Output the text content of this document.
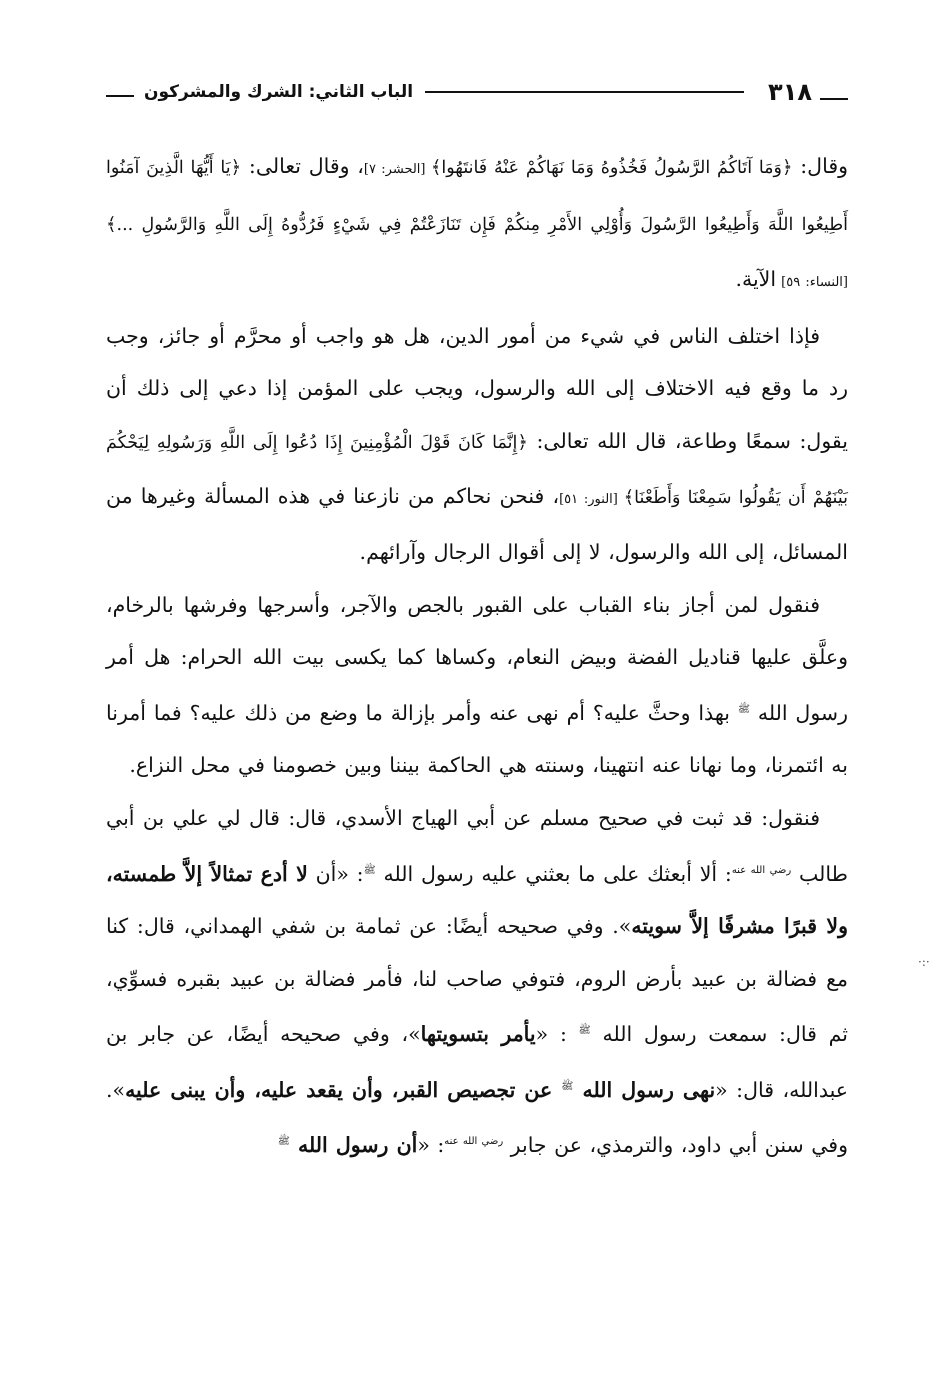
٣١٨
الباب الثاني: الشرك والمشركون

وقال: ﴿وَمَا آتَاكُمُ الرَّسُولُ فَخُذُوهُ وَمَا نَهَاكُمْ عَنْهُ فَانتَهُوا﴾ [الحشر: ٧]، وقال تعالى: ﴿يَا أَيُّهَا الَّذِينَ آمَنُوا أَطِيعُوا اللَّهَ وَأَطِيعُوا الرَّسُولَ وَأُوْلِي الأَمْرِ مِنكُمْ فَإِن تَنَازَعْتُمْ فِي شَيْءٍ فَرُدُّوهُ إِلَى اللَّهِ وَالرَّسُولِ ...﴾ [النساء: ٥٩] الآية.

فإذا اختلف الناس في شيء من أمور الدين، هل هو واجب أو محرَّم أو جائز، وجب رد ما وقع فيه الاختلاف إلى الله والرسول، ويجب على المؤمن إذا دعي إلى ذلك أن يقول: سمعًا وطاعة، قال الله تعالى: ﴿إِنَّمَا كَانَ قَوْلَ الْمُؤْمِنِينَ إِذَا دُعُوا إِلَى اللَّهِ وَرَسُولِهِ لِيَحْكُمَ بَيْنَهُمْ أَن يَقُولُوا سَمِعْنَا وَأَطَعْنَا﴾ [النور: ٥١]، فنحن نحاكم من نازعنا في هذه المسألة وغيرها من المسائل، إلى الله والرسول، لا إلى أقوال الرجال وآرائهم.

فنقول لمن أجاز بناء القباب على القبور بالجص والآجر، وأسرجها وفرشها بالرخام، وعلَّق عليها قناديل الفضة وبيض النعام، وكساها كما يكسى بيت الله الحرام: هل أمر رسول الله $^ﷺ$ بهذا وحثَّ عليه؟ أم نهى عنه وأمر بإزالة ما وضع من ذلك عليه؟ فما أمرنا به ائتمرنا، وما نهانا عنه انتهينا، وسنته هي الحاكمة بيننا وبين خصومنا في محل النزاع.

فنقول: قد ثبت في صحيح مسلم عن أبي الهياج الأسدي، قال: قال لي علي بن أبي طالب $^{رضي الله عنه}$: ألا أبعثك على ما بعثني عليه رسول الله $^ﷺ$: «أن لا أدع تمثالاً إلاَّ طمسته، ولا قبرًا مشرفًا إلاَّ سويته». وفي صحيحه أيضًا: عن ثمامة بن شفي الهمداني، قال: كنا مع فضالة بن عبيد بأرض الروم، فتوفي صاحب لنا، فأمر فضالة بن عبيد بقبره فسوِّي، ثم قال: سمعت رسول الله $^ﷺ$ : «يأمر بتسويتها»، وفي صحيحه أيضًا، عن جابر بن عبدالله، قال: «نهى رسول الله $^ﷺ$ عن تجصيص القبر، وأن يقعد عليه، وأن يبنى عليه». وفي سنن أبي داود، والترمذي، عن جابر $^{رضي الله عنه}$: «أن رسول الله $^ﷺ$

·:·
